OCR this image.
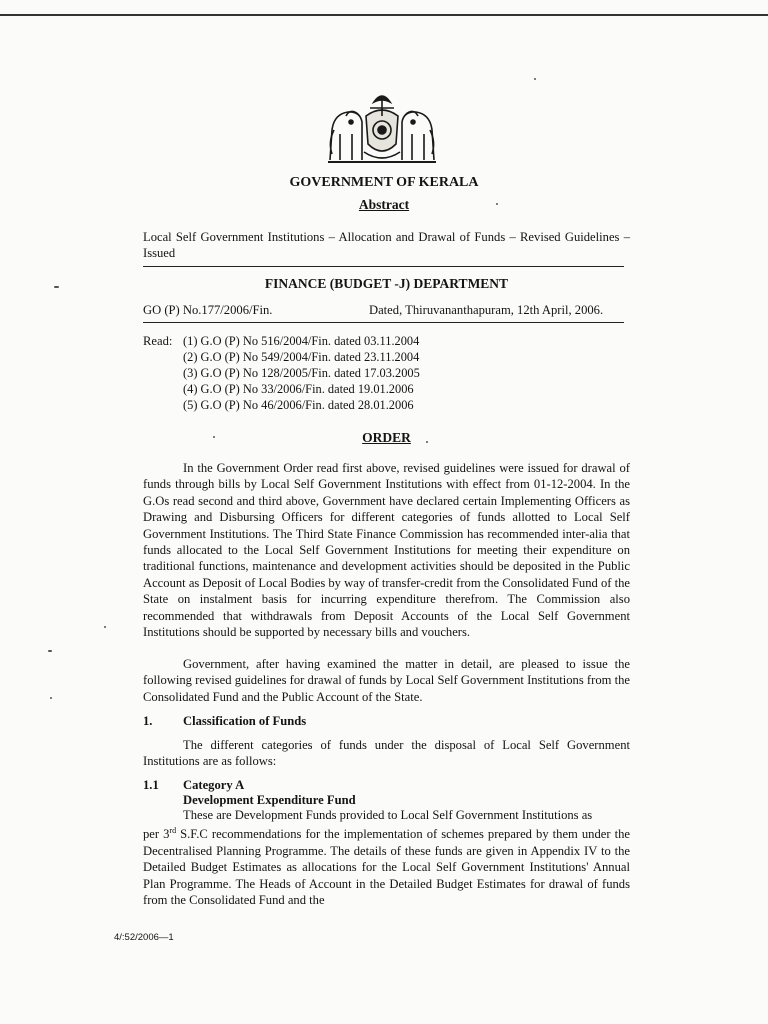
GOVERNMENT OF KERALA
Abstract
Local Self Government Institutions – Allocation and Drawal of Funds – Revised Guidelines – Issued
FINANCE (BUDGET -J) DEPARTMENT
GO (P) No.177/2006/Fin.	Dated, Thiruvananthapuram, 12th April, 2006.
Read: (1) G.O (P) No 516/2004/Fin. dated 03.11.2004
(2) G.O (P) No 549/2004/Fin. dated 23.11.2004
(3) G.O (P) No 128/2005/Fin. dated 17.03.2005
(4) G.O (P) No 33/2006/Fin. dated 19.01.2006
(5) G.O (P) No 46/2006/Fin. dated 28.01.2006
ORDER
In the Government Order read first above, revised guidelines were issued for drawal of funds through bills by Local Self Government Institutions with effect from 01-12-2004. In the G.Os read second and third above, Government have declared certain Implementing Officers as Drawing and Disbursing Officers for different categories of funds allotted to Local Self Government Institutions. The Third State Finance Commission has recommended inter-alia that funds allocated to the Local Self Government Institutions for meeting their expenditure on traditional functions, maintenance and development activities should be deposited in the Public Account as Deposit of Local Bodies by way of transfer-credit from the Consolidated Fund of the State on instalment basis for incurring expenditure therefrom. The Commission also recommended that withdrawals from Deposit Accounts of the Local Self Government Institutions should be supported by necessary bills and vouchers.
Government, after having examined the matter in detail, are pleased to issue the following revised guidelines for drawal of funds by Local Self Government Institutions from the Consolidated Fund and the Public Account of the State.
1. Classification of Funds
The different categories of funds under the disposal of Local Self Government Institutions are as follows:
1.1 Category A
Development Expenditure Fund
These are Development Funds provided to Local Self Government Institutions as
per 3rd S.F.C recommendations for the implementation of schemes prepared by them under the Decentralised Planning Programme. The details of these funds are given in Appendix IV to the Detailed Budget Estimates as allocations for the Local Self Government Institutions' Annual Plan Programme. The Heads of Account in the Detailed Budget Estimates for drawal of funds from the Consolidated Fund and the
4/:52/2006—1
